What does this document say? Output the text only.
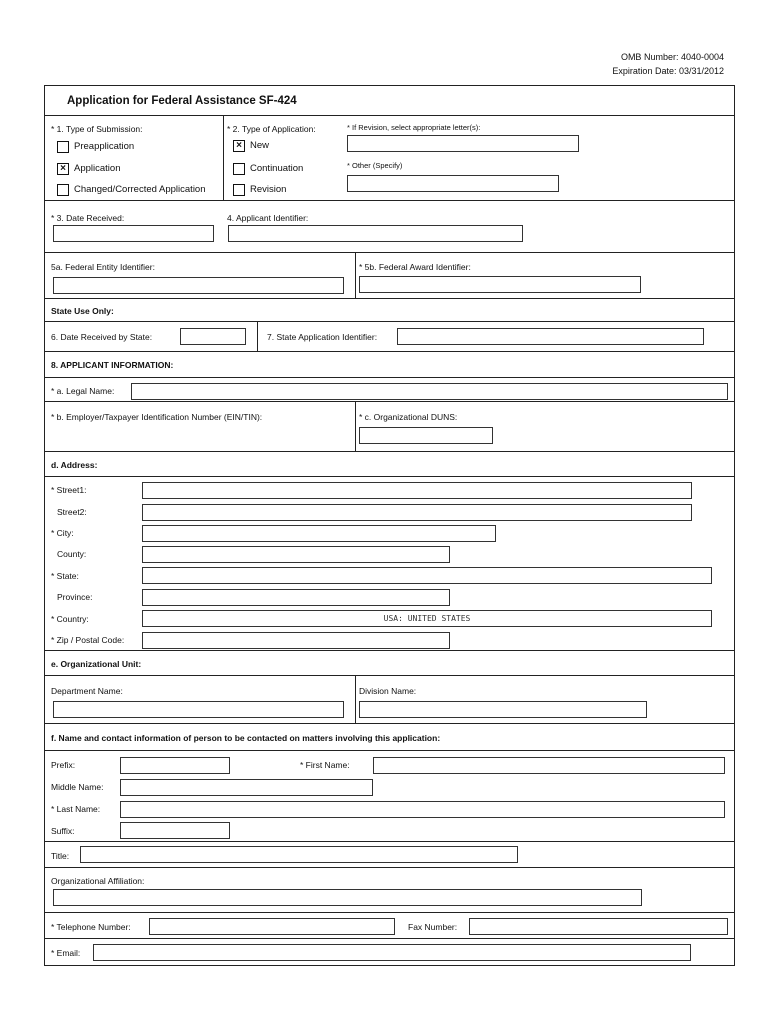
OMB Number: 4040-0004
Expiration Date: 03/31/2012
Application for Federal Assistance SF-424
* 1. Type of Submission:
Preapplication
× Application
Changed/Corrected Application
* 2. Type of Application:
× New
Continuation
Revision
* If Revision, select appropriate letter(s):
* Other (Specify)
* 3. Date Received:	4. Applicant Identifier:
5a. Federal Entity Identifier:	* 5b. Federal Award Identifier:
State Use Only:
6. Date Received by State:	7. State Application Identifier:
8. APPLICANT INFORMATION:
* a. Legal Name:
* b. Employer/Taxpayer Identification Number (EIN/TIN):	* c. Organizational DUNS:
d. Address:
* Street1:
Street2:
* City:
County:
* State:
Province:
* Country:	USA: UNITED STATES
* Zip / Postal Code:
e. Organizational Unit:
Department Name:	Division Name:
f. Name and contact information of person to be contacted on matters involving this application:
Prefix:	* First Name:
Middle Name:
* Last Name:
Suffix:
Title:
Organizational Affiliation:
* Telephone Number:	Fax Number:
* Email:
